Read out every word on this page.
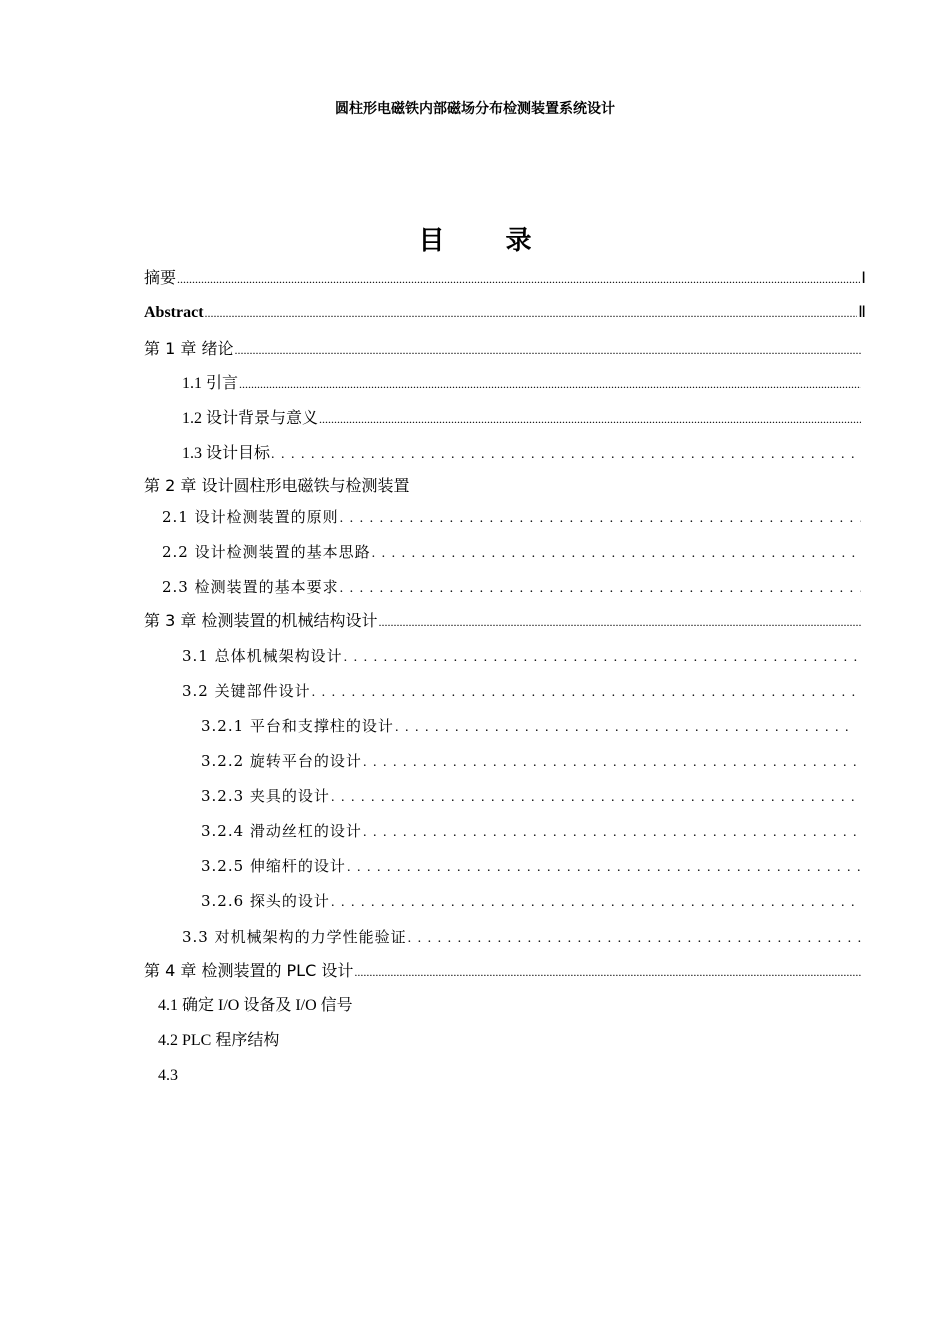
圆柱形电磁铁内部磁场分布检测装置系统设计
目 录
摘要 .....	Ⅰ
Abstract .....	Ⅱ
第 1 章 绪论
.....
1.1 引言
.....
1.2 设计背景与意义
.....
1.3 设计目标
. . .
第 2 章 设计圆柱形电磁铁与检测装置
2.1 设计检测装置的原则
. . .
2.2 设计检测装置的基本思路
. . .
2.3 检测装置的基本要求
. . .
第 3 章 检测装置的机械结构设计
.....
3.1 总体机械架构设计
. . .
3.2 关键部件设计
. . .
3.2.1 平台和支撑柱的设计
. . .
3.2.2 旋转平台的设计
. . .
3.2.3 夹具的设计
. . .
3.2.4 滑动丝杠的设计
. . .
3.2.5 伸缩杆的设计
. . .
3.2.6 探头的设计
. . .
3.3 对机械架构的力学性能验证
. . .
第 4 章 检测装置的 PLC 设计
.....
4.1 确定 I/O 设备及 I/O 信号
4.2 PLC 程序结构
4.3
